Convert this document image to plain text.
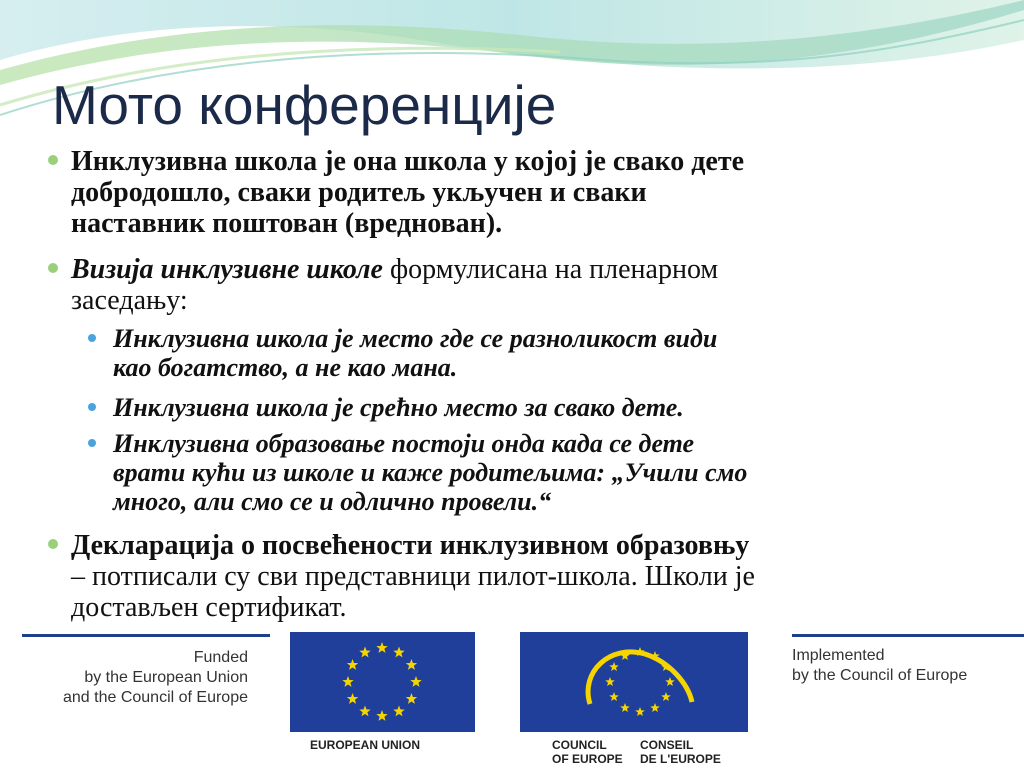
Мото конференције
Инклузивна школа је она школа у којој је свако дете
добродошло, сваки родитељ укључен и сваки
наставник поштован (вреднован).
Визија инклузивне школе формулисана на пленарном
заседању:
Инклузивна школа је место где се разноликост види
као богатство, а не као мана.
Инклузивна школа је срећно место за свако дете.
Инклузивна образовање постоји онда када се дете
врати кући из школе и каже родитељима: „Учили смо
много, али смо се и одлично провели.“
Декларација о посвећености инклузивном образовњу
– потписали су сви представници пилот-школа. Школи је
достављен сертификат.
Funded
by the European Union
and the Council of Europe
EUROPEAN UNION	COUNCIL
OF EUROPE
CONSEIL
DE L'EUROPE
Implemented
by the Council of Europe
